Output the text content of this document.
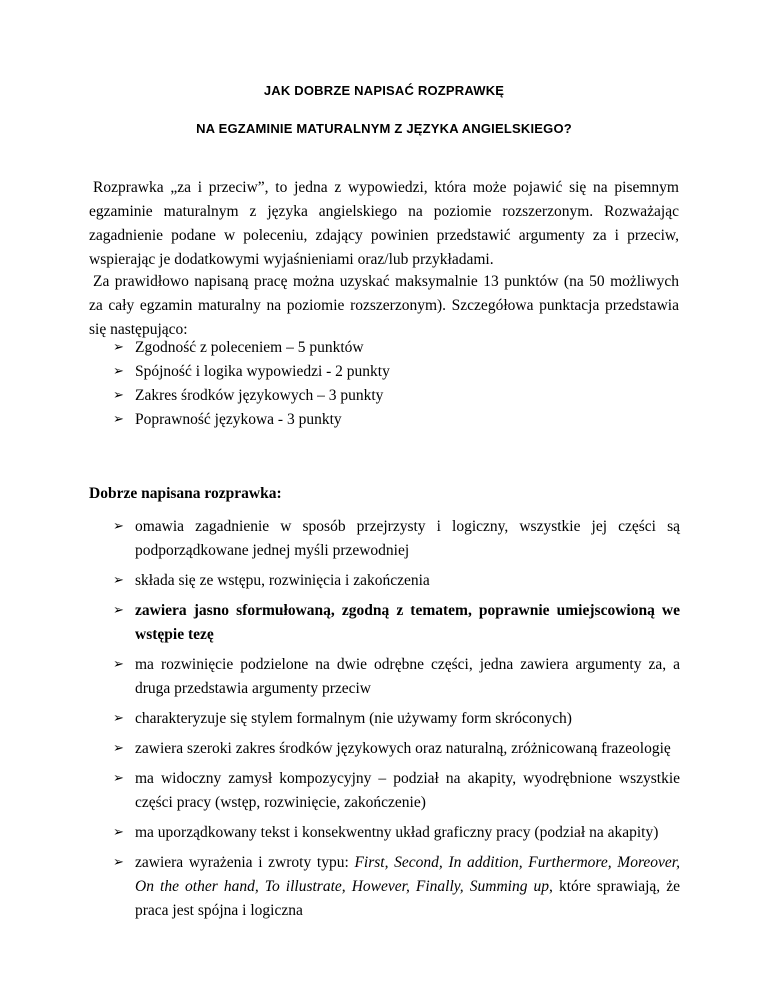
JAK DOBRZE NAPISAĆ ROZPRAWKĘ
NA EGZAMINIE MATURALNYM Z JĘZYKA ANGIELSKIEGO?

Rozprawka „za i przeciw”, to jedna z wypowiedzi, która może pojawić się na pisemnym egzaminie maturalnym z języka angielskiego na poziomie rozszerzonym. Rozważając zagadnienie podane w poleceniu, zdający powinien przedstawić argumenty za i przeciw, wspierając je dodatkowymi wyjaśnieniami oraz/lub przykładami.

Za prawidłowo napisaną pracę można uzyskać maksymalnie 13 punktów (na 50 możliwych za cały egzamin maturalny na poziomie rozszerzonym). Szczegółowa punktacja przedstawia się następująco:

➢ Zgodność z poleceniem – 5 punktów
➢ Spójność i logika wypowiedzi - 2 punkty
➢ Zakres środków językowych – 3 punkty
➢ Poprawność językowa - 3 punkty

Dobrze napisana rozprawka:

➢ omawia zagadnienie w sposób przejrzysty i logiczny, wszystkie jej części są podporządkowane jednej myśli przewodniej
➢ składa się ze wstępu, rozwinięcia i zakończenia
➢ zawiera jasno sformułowaną, zgodną z tematem, poprawnie umiejscowioną we wstępie tezę
➢ ma rozwinięcie podzielone na dwie odrębne części, jedna zawiera argumenty za, a druga przedstawia argumenty przeciw
➢ charakteryzuje się stylem formalnym (nie używamy form skróconych)
➢ zawiera szeroki zakres środków językowych oraz naturalną, zróżnicowaną frazeologię
➢ ma widoczny zamysł kompozycyjny – podział na akapity, wyodrębnione wszystkie części pracy (wstęp, rozwinięcie, zakończenie)
➢ ma uporządkowany tekst i konsekwentny układ graficzny pracy (podział na akapity)
➢ zawiera wyrażenia i zwroty typu: First, Second, In addition, Furthermore, Moreover, On the other hand, To illustrate, However, Finally, Summing up, które sprawiają, że praca jest spójna i logiczna
